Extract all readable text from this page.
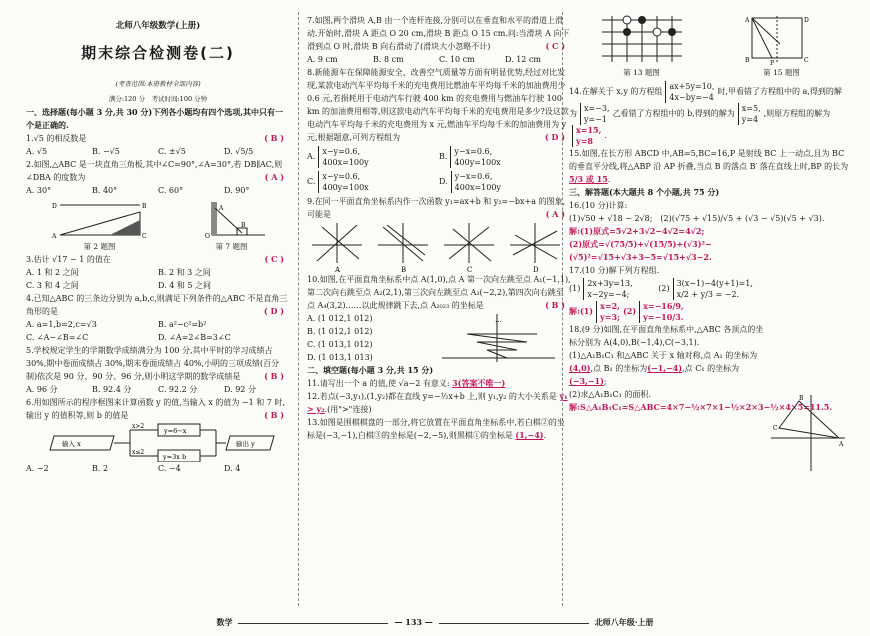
北师八年级数学(上册)
期末综合检测卷(二)
(考查范围:本册教材全部内容)
满分:120 分　考试时间:100 分钟
一、选择题(每小题 3 分,共 30 分)下列各小题均有四个选项,其中只有一个是正确的.
1.√5 的相反数是	( B )
A. √5	B. −√5	C. ±√5	D. √5/5
2.如图,△ABC 是一块直角三角板,其中∠C=90°,∠A=30°,若 DB∥AC,则∠DBA 的度数为	( A )
A. 30°	B. 40°	C. 60°	D. 90°
D	B
A	C
第 2 题图
A
O
B
第 7 题图
3.估计 √17 − 1 的值在	( C )
A. 1 和 2 之间	B. 2 和 3 之间
C. 3 和 4 之间	D. 4 和 5 之间
4.已知△ABC 的三条边分别为 a,b,c,则满足下列条件的△ABC 不是直角三角形的是	( D )
A. a=1,b=2,c=√3	B. a²−c²=b²
C. ∠A−∠B=∠C	D. ∠A=2∠B=3∠C
5.学校规定学生的学期数学成绩满分为 100 分,其中平时的学习成绩占 30%,期中卷面成绩占 30%,期末卷面成绩占 40%,小明的三项成绩(百分制)依次是 90 分、90 分、96 分,则小明这学期的数学成绩是	( B )
A. 96 分	B. 92.4 分	C. 92.2 分	D. 92 分
6.用如图所示的程序框图来计算函数 y 的值,当输入 x 的值为 −1 和 7 时,输出 y 的值积等,则 b 的值是	( B )
输入 x
x>2
x≤2
y=6−x
y=3x b
输出 y
A. −2	B. 2	C. −4	D. 4
7.如图,两个滑块 A,B 由一个连杆连接,分别可以在垂直和水平的滑道上滑动.开始时,滑块 A 距点 O 20 cm,滑块 B 距点 O 15 cm.问:当滑块 A 向下滑到点 O 时,滑块 B 向右滑动了(滑块大小忽略不计)	( C )
A. 9 cm	B. 8 cm	C. 10 cm	D. 12 cm
8.新能源车在保障能源安全、改善空气质量等方面有明显优势,经过对比发现,某款电动汽车平均每千米的充电费用比燃油车平均每千米的加油费用少 0.6 元,若损耗用于电动汽车行驶 400 km 的充电费用与燃油车行驶 100 km 的加油费用相等,则这款电动汽车平均每千米的充电费用是多少?设这款电动汽车平均每千米的充电费用为 x 元,燃油车平均每千米的加油费用为 y 元,根据题意,可列方程组为	( D )
A.x−y=0.6,
400x=100y
B.y−x=0.6,
400y=100x
C.x−y=0.6,
400y=100x
D.y−x=0.6,
400x=100y
9.在同一平面直角坐标系内作一次函数 y₁=ax+b 和 y₂=−bx+a 的图象,可能是	( A )
A	B	C	D
10.如图,在平面直角坐标系中点 A(1,0),点 A 第一次向左跳至点 A₁(−1,1),第二次向右跳至点 A₂(2,1),第三次向左跳至点 A₃(−2,2),第四次向右跳至点 A₄(3,2)……以此规律跳下去,点 A₂₀₂₃ 的坐标是	( B )
A. (1 012,1 012)
B. (1 012,1 012)
C. (1 013,1 012)
D. (1 013,1 013)
…
二、填空题(每小题 3 分,共 15 分)
11.请写出一个 a 的值,使 √a−2 有意义: 3(答案不唯一)
12.若点(−3,y₁),(1,y₂)都在直线 y=−½x+b 上,则 y₁,y₂ 的大小关系是 y₁ > y₂.(用">"连接)
13.如图是围棋棋盘的一部分,将它放置在平面直角坐标系中,若白棋②的坐标是(−3,−1),白棋③的坐标是(−2,−5),则黑棋①的坐标是 (1,−4).
第 13 题图
A	D
B	P	C
第 15 题图
14.在解关于 x,y 的方程组ax+5y=10,
4x−by=−4时,甲看错了方程组中的 a,得到的解为x=−3,
y=−1乙看错了方程组中的 b,得到的解为x=5,
y=4,则原方程组的解为x=15,
y=8.
15.如图,在长方形 ABCD 中,AB=5,BC=16,P 是射线 BC 上一动点,且为 BC 的垂直平分线,将△ABP 沿 AP 折叠,当点 B 的落点 B′ 落在直线上时,BP 的长为 5/3 或 15.
三、解答题(本大题共 8 个小题,共 75 分)
16.(10 分)计算:
(1)√50 + √18 − 2√8;　(2)(√75 + √15)/√5 + (√3 − √5)(√5 + √3).
解:(1)原式=5√2+3√2−4√2=4√2;
(2)原式=√(75/5)+√(15/5)+(√3)²−(√5)²=√15+√3+3−5=√15+√3−2.
17.(10 分)解下列方程组.
(1)2x+3y=13,
x−2y=−4; (2)3(x−1)−4(y+1)=1,
x/2 + y/3 = −2.
解:(1) x=2,
y=3;(2) x=−16/9,
y=−10/3.
18.(9 分)如图,在平面直角坐标系中,△ABC 各顶点的坐标分别为 A(4,0),B(−1,4),C(−3,1).
(1)△A₁B₁C₁ 和△ABC 关于 x 轴对称,点 A₁ 的坐标为(4,0),点 B₁ 的坐标为(−1,−4),点 C₁ 的坐标为(−3,−1);
(2)求△A₁B₁C₁ 的面积.
解:S△A₁B₁C₁=S△ABC=4×7−½×7×1−½×2×3−½×4×5=11.5.
B
C
A
数学	— 133 —	北师八年级·上册
